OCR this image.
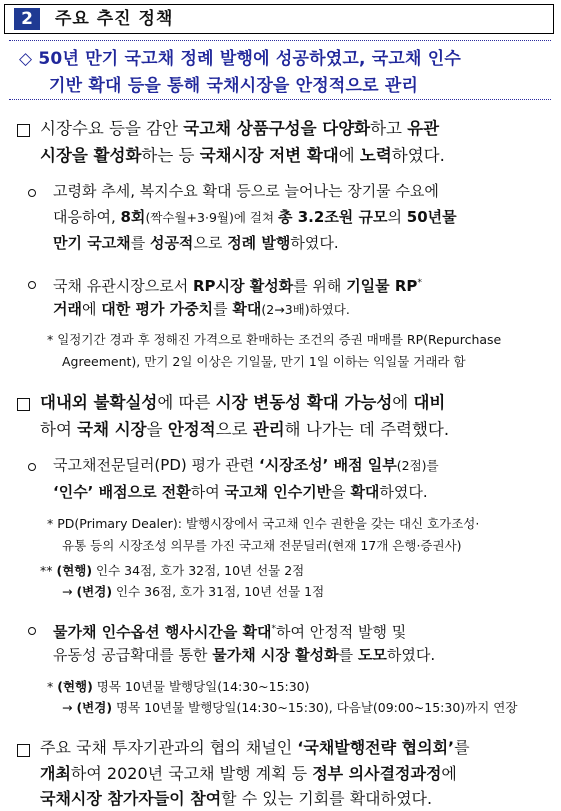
2	주요 추진 정책
◇ 50년 만기 국고채 정례 발행에 성공하였고, 국고채 인수
기반 확대 등을 통해 국채시장을 안정적으로 관리
시장수요 등을 감안 국고채 상품구성을 다양화하고 유관
시장을 활성화하는 등 국채시장 저변 확대에 노력하였다.
고령화 추세, 복지수요 확대 등으로 늘어나는 장기물 수요에
대응하여, 8회(짝수월+3·9월)에 걸쳐 총 3.2조원 규모의 50년물
만기 국고채를 성공적으로 정례 발행하였다.
국채 유관시장으로서 RP시장 활성화를 위해 기일물 RP*
거래에 대한 평가 가중치를 확대(2→3배)하였다.
* 일정기간 경과 후 정해진 가격으로 환매하는 조건의 증권 매매를 RP(Repurchase
Agreement), 만기 2일 이상은 기일물, 만기 1일 이하는 익일물 거래라 함
대내외 불확실성에 따른 시장 변동성 확대 가능성에 대비
하여 국채 시장을 안정적으로 관리해 나가는 데 주력했다.
국고채전문딜러(PD) 평가 관련 ‘시장조성’ 배점 일부(2점)를
‘인수’ 배점으로 전환하여 국고채 인수기반을 확대하였다.
* PD(Primary Dealer): 발행시장에서 국고채 인수 권한을 갖는 대신 호가조성·
유통 등의 시장조성 의무를 가진 국고채 전문딜러(현재 17개 은행·증권사)
** (현행) 인수 34점, 호가 32점, 10년 선물 2점
→ (변경) 인수 36점, 호가 31점, 10년 선물 1점
물가채 인수옵션 행사시간을 확대*하여 안정적 발행 및
유동성 공급확대를 통한 물가채 시장 활성화를 도모하였다.
* (현행) 명목 10년물 발행당일(14:30~15:30)
→ (변경) 명목 10년물 발행당일(14:30~15:30), 다음날(09:00~15:30)까지 연장
주요 국채 투자기관과의 협의 채널인 ‘국채발행전략 협의회’를
개최하여 2020년 국고채 발행 계획 등 정부 의사결정과정에
국채시장 참가자들이 참여할 수 있는 기회를 확대하였다.
